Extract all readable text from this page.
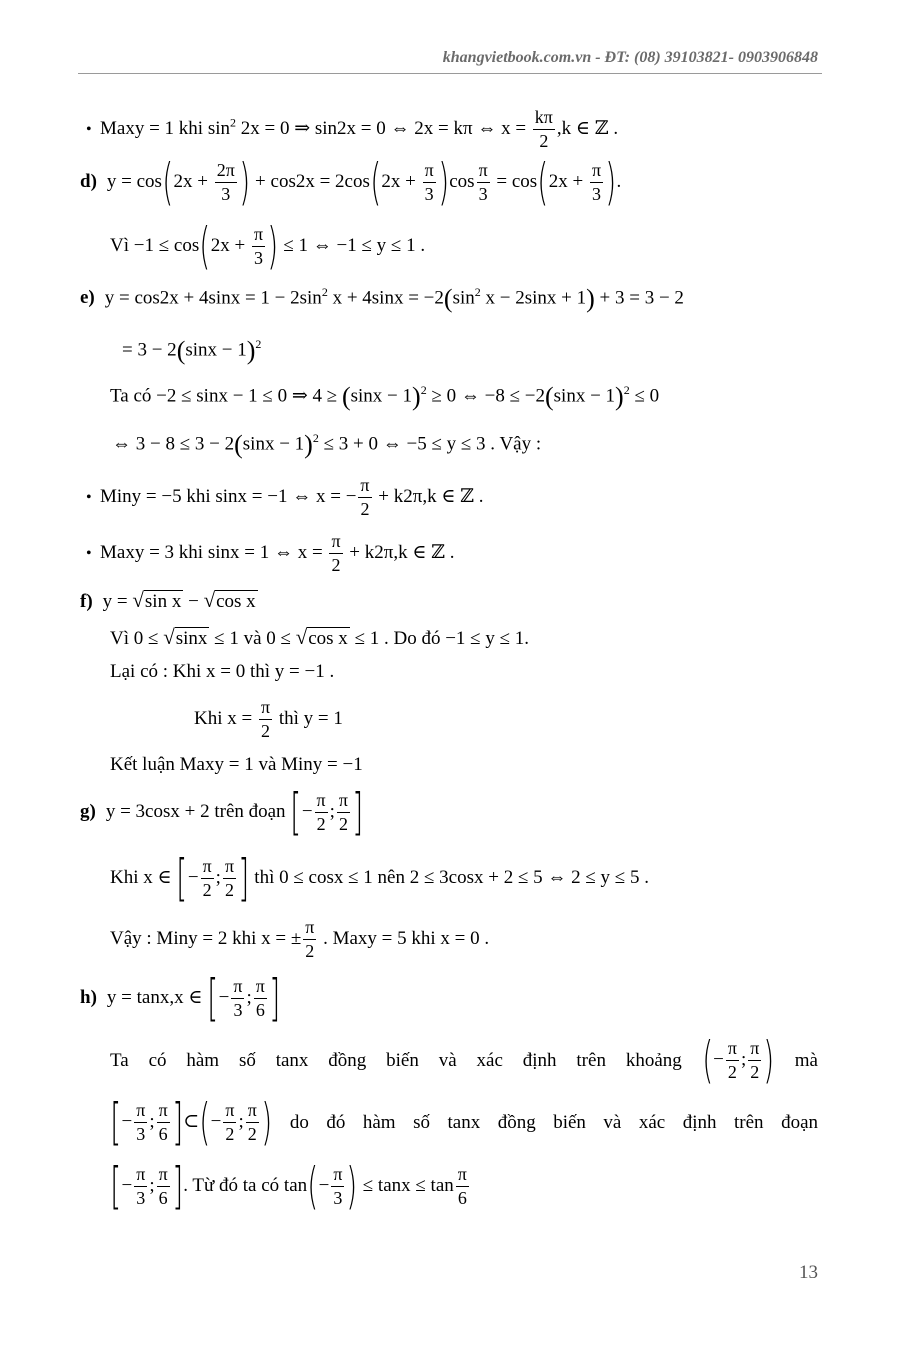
khangvietbook.com.vn - ĐT: (08) 39103821- 0903906848
• Maxy = 1 khi $\sin^2 2x = 0$ ⇒ sin2x = 0 ⇔ 2x = kπ ⇔ $x = \frac{k\pi}{2} ,k$ ∈ ℤ .
d) $y = \cos(2x + \frac{2\pi}{3}$ ) + $\cos 2x = 2\cos(2x + \frac{\pi}{3} )\cos \frac{\pi}{3} = \cos(2x + \frac{\pi}{3}$ ).
Vì $-1 \le \cos(2x + \frac{\pi}{3}$ ) ≤ 1 ⇔ −1 ≤ y ≤ 1 .
e) $y = \cos 2x + 4\sin x = 1 - 2\sin^2$ $x + 4\sin x = -2(\sin^2$ x − 2sinx + 1) + 3 = 3 − 2
= $3 - 2(\sin x - 1)^2$
Ta có −2 ≤ sinx − 1 ≤ 0 ⇒ $4 \ge (\sin x - 1)^2 \ge 0$ ⇔ $-8 \le -2(\sin x - 1)^2 \le 0$
⇔ $3 - 8 \le 3 - 2(\sin x - 1)^2 \le 3 + 0$ ⇔ −5 ≤ y ≤ 3 . Vậy :
• Miny = −5 khi sinx = −1 ⇔ x = − $\frac{\pi}{2} + k2\pi,k$ ∈ ℤ .
• Maxy = 3 khi sinx = 1 ⇔ $x = \frac{\pi}{2} + k2\pi,k$ ∈ ℤ .
f) y = √sin x − √cos x
Vì 0 ≤ √sinx ≤ 1 và 0 ≤ √cos x ≤ 1 . Do đó −1 ≤ y ≤ 1.
Lại có : Khi x = 0 thì y = −1 .
Khi $x = \frac{\pi}{2}$ thì y = 1
Kết luận Maxy = 1 và Miny = −1
g) y = 3cosx + 2 trên đoạn [− $\frac{\pi}{2}$ ; $\frac{\pi}{2}$ ]
Khi x ∈ [− $\frac{\pi}{2}$ ; $\frac{\pi}{2}$ ] thì 0 ≤ cosx ≤ 1 nên 2 ≤ 3cosx + 2 ≤ 5 ⇔ 2 ≤ y ≤ 5 .
Vậy : Miny = 2 khi x = ± $\frac{\pi}{2}$ . Maxy = 5 khi x = 0 .
h) y = tanx,x ∈ [− $\frac{\pi}{3}$ ; $\frac{\pi}{6}$ ]
Ta có hàm số tanx đồng biến và xác định trên khoảng (− $\frac{\pi}{2}$ ; $\frac{\pi}{2}$ ) mà
[− $\frac{\pi}{3}$ ; $\frac{\pi}{6}$ ]⊂(− $\frac{\pi}{2}$ ; $\frac{\pi}{2}$ ) do đó hàm số tanx đồng biến và xác định trên đoạn
[− $\frac{\pi}{3}$ ; $\frac{\pi}{6}$ ]. Từ đó ta có $\tan(- \frac{\pi}{3}$ ) ≤ $\tan x \le \tan \frac{\pi}{6}$
13
